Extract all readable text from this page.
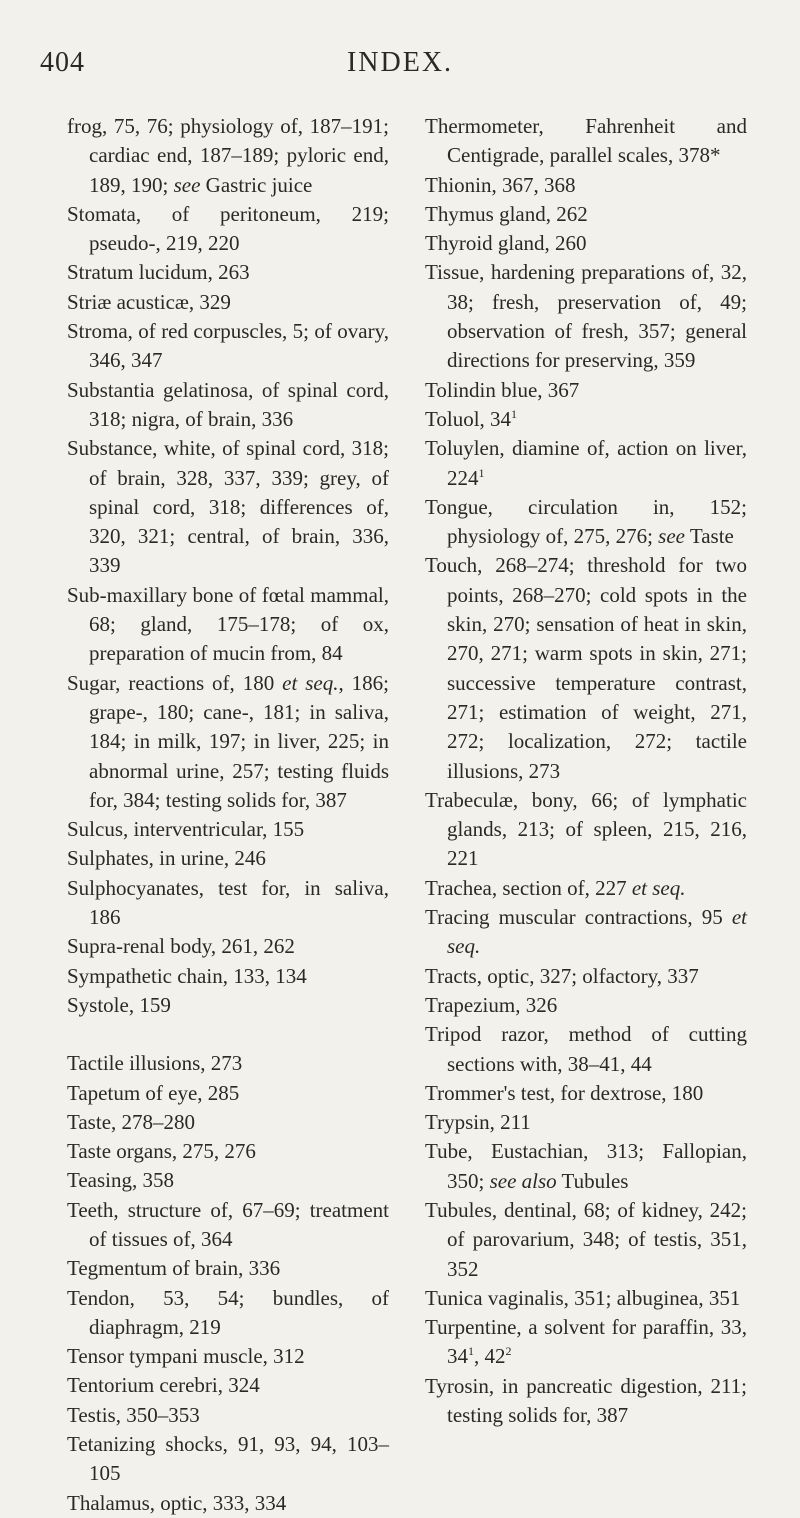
404	INDEX.
frog, 75, 76; physiology of, 187–191; cardiac end, 187–189; pyloric end, 189, 190; see Gastric juice
Stomata, of peritoneum, 219; pseudo-, 219, 220
Stratum lucidum, 263
Striæ acusticæ, 329
Stroma, of red corpuscles, 5; of ovary, 346, 347
Substantia gelatinosa, of spinal cord, 318; nigra, of brain, 336
Substance, white, of spinal cord, 318; of brain, 328, 337, 339; grey, of spinal cord, 318; differences of, 320, 321; central, of brain, 336, 339
Sub-maxillary bone of fœtal mammal, 68; gland, 175–178; of ox, preparation of mucin from, 84
Sugar, reactions of, 180 et seq., 186; grape-, 180; cane-, 181; in saliva, 184; in milk, 197; in liver, 225; in abnormal urine, 257; testing fluids for, 384; testing solids for, 387
Sulcus, interventricular, 155
Sulphates, in urine, 246
Sulphocyanates, test for, in saliva, 186
Supra-renal body, 261, 262
Sympathetic chain, 133, 134
Systole, 159
Tactile illusions, 273
Tapetum of eye, 285
Taste, 278–280
Taste organs, 275, 276
Teasing, 358
Teeth, structure of, 67–69; treatment of tissues of, 364
Tegmentum of brain, 336
Tendon, 53, 54; bundles, of diaphragm, 219
Tensor tympani muscle, 312
Tentorium cerebri, 324
Testis, 350–353
Tetanizing shocks, 91, 93, 94, 103–105
Thalamus, optic, 333, 334
Thermometer, Fahrenheit and Centigrade, parallel scales, 378*
Thionin, 367, 368
Thymus gland, 262
Thyroid gland, 260
Tissue, hardening preparations of, 32, 38; fresh, preservation of, 49; observation of fresh, 357; general directions for preserving, 359
Tolindin blue, 367
Toluol, $34^1$
Toluylen, diamine of, action on liver, $224^1$
Tongue, circulation in, 152; physiology of, 275, 276; see Taste
Touch, 268–274; threshold for two points, 268–270; cold spots in the skin, 270; sensation of heat in skin, 270, 271; warm spots in skin, 271; successive temperature contrast, 271; estimation of weight, 271, 272; localization, 272; tactile illusions, 273
Trabeculæ, bony, 66; of lymphatic glands, 213; of spleen, 215, 216, 221
Trachea, section of, 227 et seq.
Tracing muscular contractions, 95 et seq.
Tracts, optic, 327; olfactory, 337
Trapezium, 326
Tripod razor, method of cutting sections with, 38–41, 44
Trommer's test, for dextrose, 180
Trypsin, 211
Tube, Eustachian, 313; Fallopian, 350; see also Tubules
Tubules, dentinal, 68; of kidney, 242; of parovarium, 348; of testis, 351, 352
Tunica vaginalis, 351; albuginea, 351
Turpentine, a solvent for paraffin, 33, $34^1$, $42^2$
Tyrosin, in pancreatic digestion, 211; testing solids for, 387
